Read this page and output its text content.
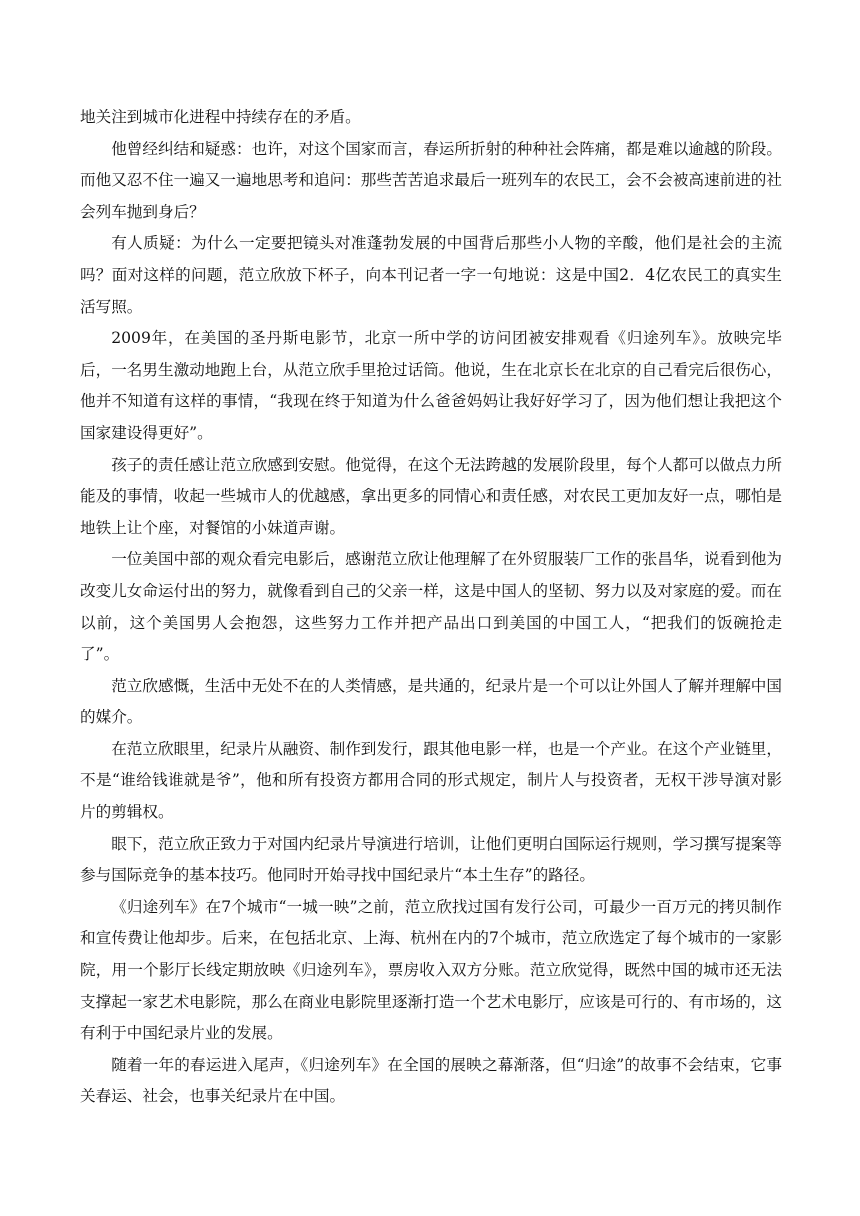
地关注到城市化进程中持续存在的矛盾。

他曾经纠结和疑惑：也许，对这个国家而言，春运所折射的种种社会阵痛，都是难以逾越的阶段。而他又忍不住一遍又一遍地思考和追问：那些苦苦追求最后一班列车的农民工，会不会被高速前进的社会列车抛到身后？

有人质疑：为什么一定要把镜头对准蓬勃发展的中国背后那些小人物的辛酸，他们是社会的主流吗？面对这样的问题，范立欣放下杯子，向本刊记者一字一句地说：这是中国2．4亿农民工的真实生活写照。

2009年，在美国的圣丹斯电影节，北京一所中学的访问团被安排观看《归途列车》。放映完毕后，一名男生激动地跑上台，从范立欣手里抢过话筒。他说，生在北京长在北京的自己看完后很伤心，他并不知道有这样的事情，“我现在终于知道为什么爸爸妈妈让我好好学习了，因为他们想让我把这个国家建设得更好”。

孩子的责任感让范立欣感到安慰。他觉得，在这个无法跨越的发展阶段里，每个人都可以做点力所能及的事情，收起一些城市人的优越感，拿出更多的同情心和责任感，对农民工更加友好一点，哪怕是地铁上让个座，对餐馆的小妹道声谢。

一位美国中部的观众看完电影后，感谢范立欣让他理解了在外贸服装厂工作的张昌华，说看到他为改变儿女命运付出的努力，就像看到自己的父亲一样，这是中国人的坚韧、努力以及对家庭的爱。而在以前，这个美国男人会抱怨，这些努力工作并把产品出口到美国的中国工人，“把我们的饭碗抢走了”。

范立欣感慨，生活中无处不在的人类情感，是共通的，纪录片是一个可以让外国人了解并理解中国的媒介。

在范立欣眼里，纪录片从融资、制作到发行，跟其他电影一样，也是一个产业。在这个产业链里，不是“谁给钱谁就是爷”，他和所有投资方都用合同的形式规定，制片人与投资者，无权干涉导演对影片的剪辑权。

眼下，范立欣正致力于对国内纪录片导演进行培训，让他们更明白国际运行规则，学习撰写提案等参与国际竞争的基本技巧。他同时开始寻找中国纪录片“本土生存”的路径。

《归途列车》在7个城市“一城一映”之前，范立欣找过国有发行公司，可最少一百万元的拷贝制作和宣传费让他却步。后来，在包括北京、上海、杭州在内的7个城市，范立欣选定了每个城市的一家影院，用一个影厅长线定期放映《归途列车》，票房收入双方分账。范立欣觉得，既然中国的城市还无法支撑起一家艺术电影院，那么在商业电影院里逐渐打造一个艺术电影厅，应该是可行的、有市场的，这有利于中国纪录片业的发展。

随着一年的春运进入尾声，《归途列车》在全国的展映之幕渐落，但“归途”的故事不会结束，它事关春运、社会，也事关纪录片在中国。
